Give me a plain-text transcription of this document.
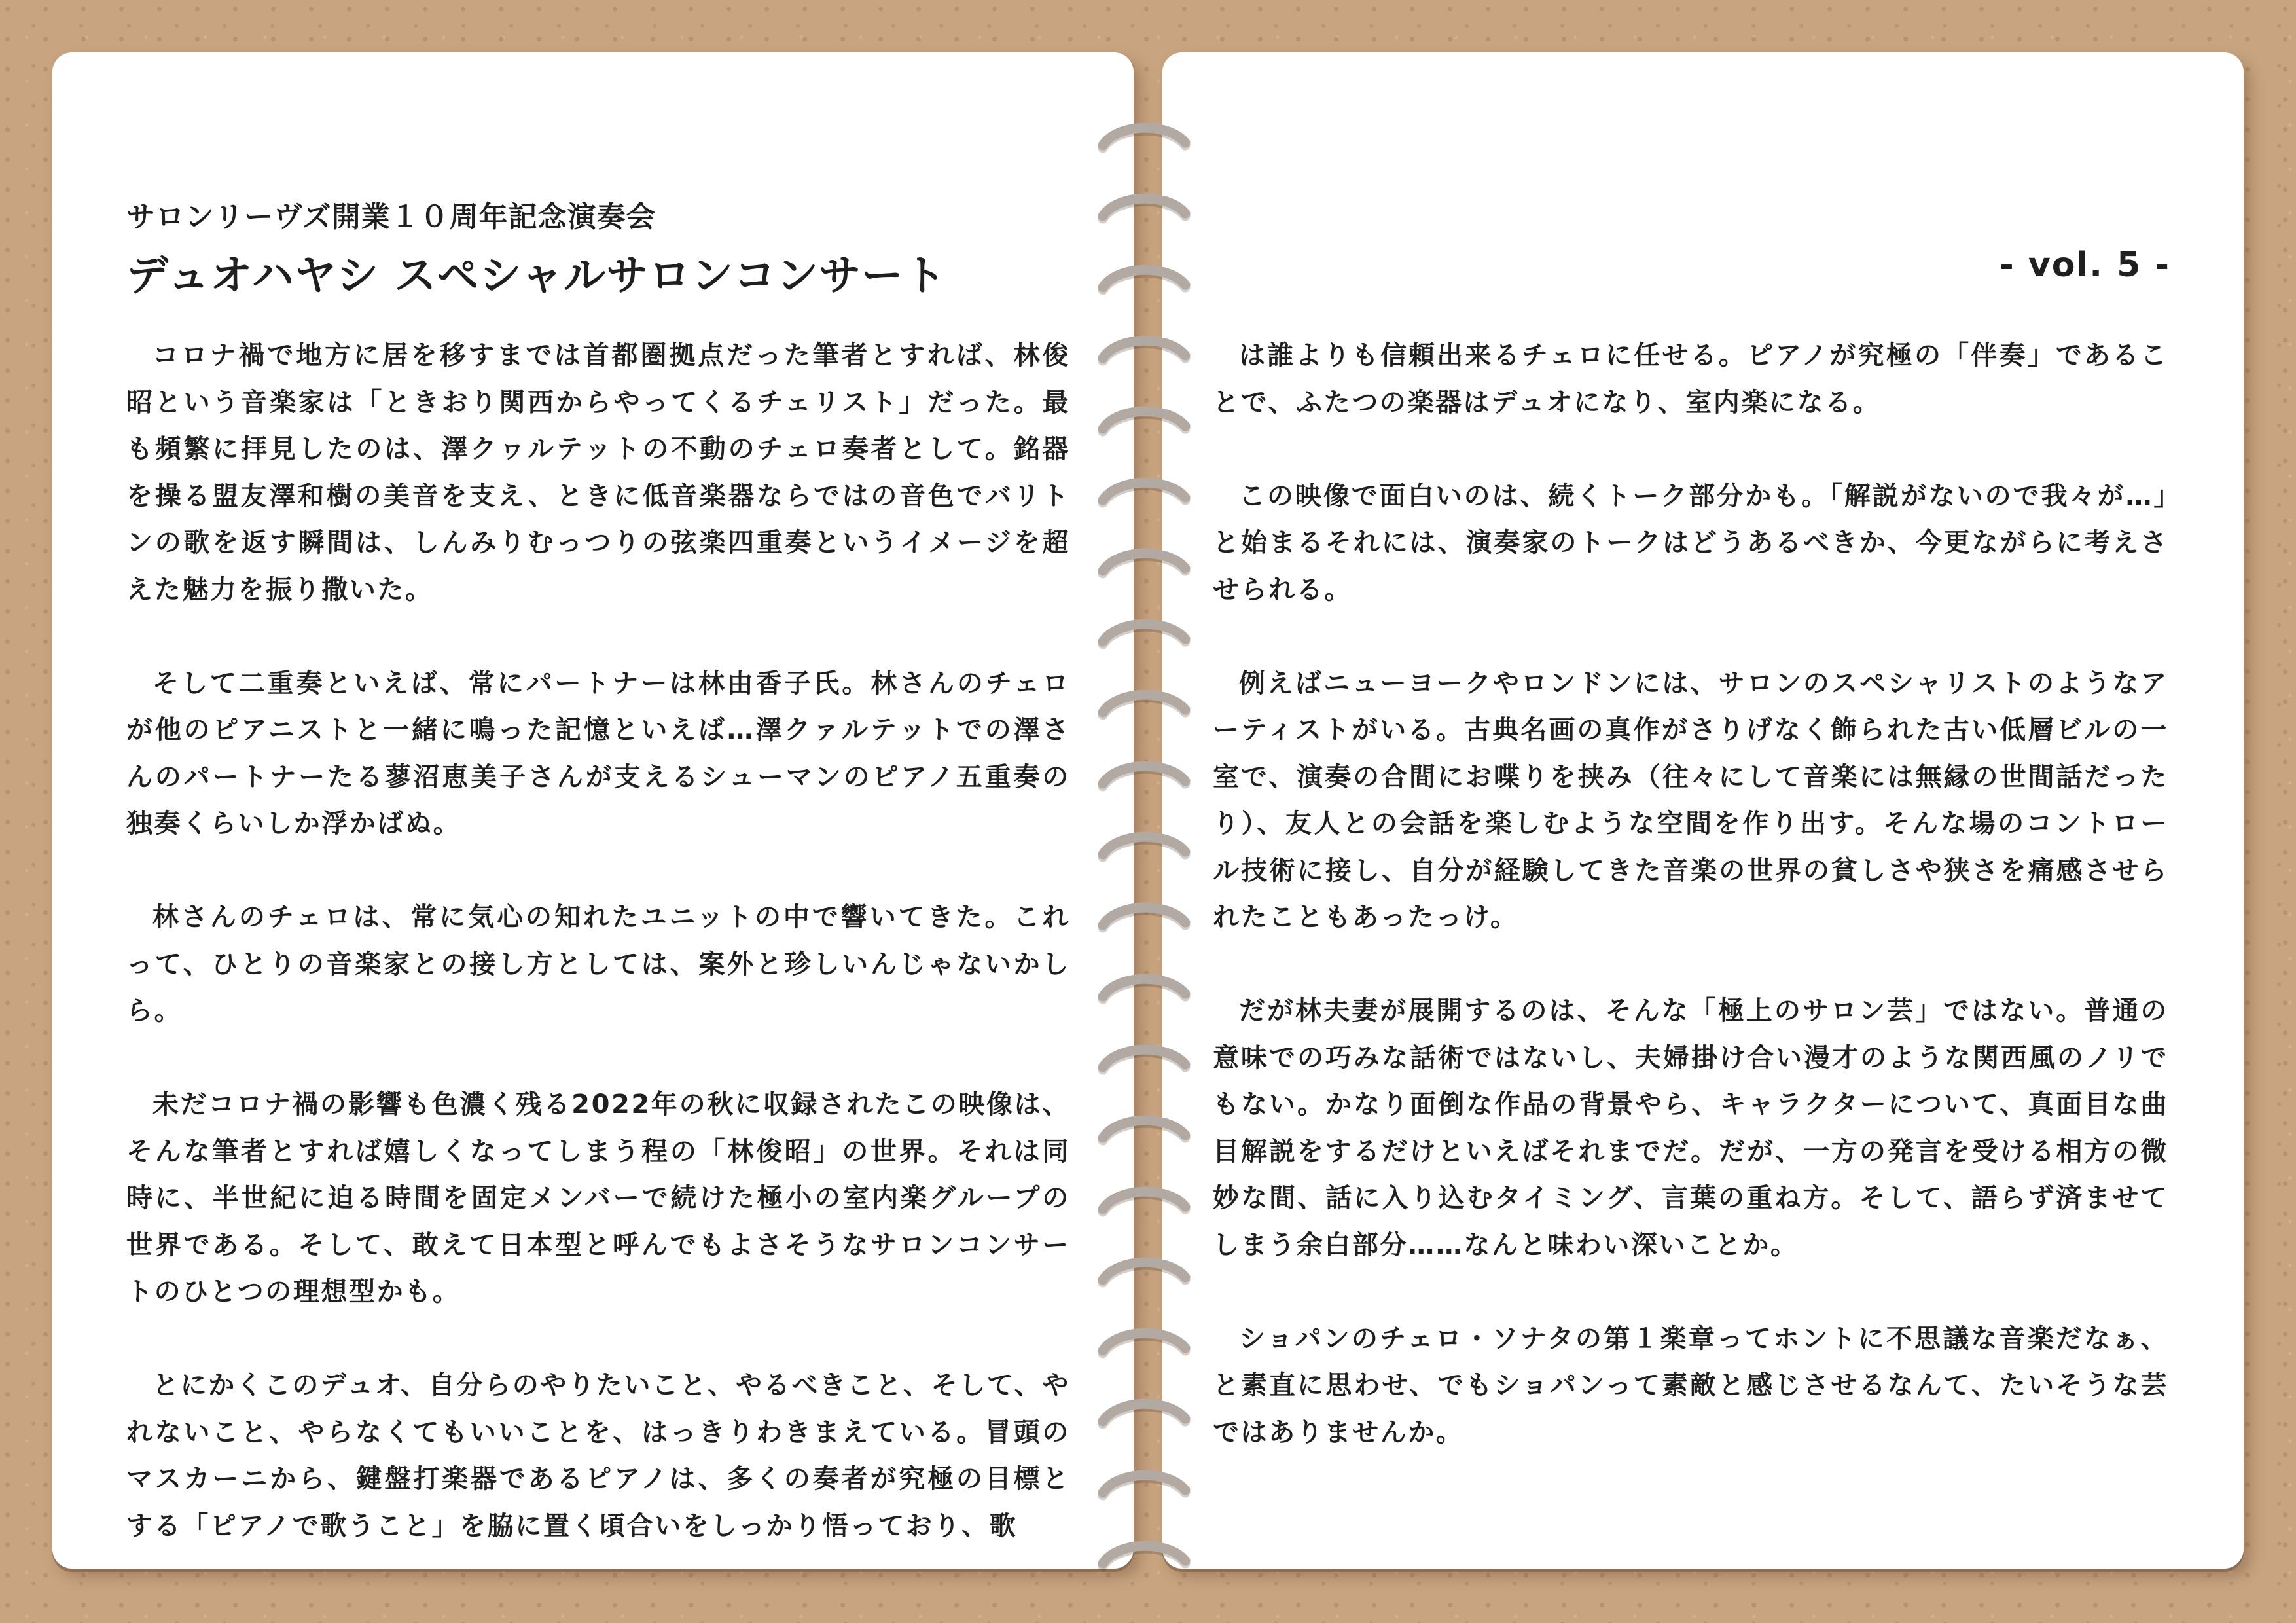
サロンリーヴズ開業１０周年記念演奏会
デュオハヤシ スペシャルサロンコンサート

コロナ禍で地方に居を移すまでは首都圏拠点だった筆者とすれば、林俊昭という音楽家は「ときおり関西からやってくるチェリスト」だった。最も頻繁に拝見したのは、澤クヮルテットの不動のチェロ奏者として。銘器を操る盟友澤和樹の美音を支え、ときに低音楽器ならではの音色でバリトンの歌を返す瞬間は、しんみりむっつりの弦楽四重奏というイメージを超えた魅力を振り撒いた。

そして二重奏といえば、常にパートナーは林由香子氏。林さんのチェロが他のピアニストと一緒に鳴った記憶といえば…澤クァルテットでの澤さんのパートナーたる蓼沼恵美子さんが支えるシューマンのピアノ五重奏の独奏くらいしか浮かばぬ。

林さんのチェロは、常に気心の知れたユニットの中で響いてきた。これって、ひとりの音楽家との接し方としては、案外と珍しいんじゃないかしら。

未だコロナ禍の影響も色濃く残る2022年の秋に収録されたこの映像は、そんな筆者とすれば嬉しくなってしまう程の「林俊昭」の世界。それは同時に、半世紀に迫る時間を固定メンバーで続けた極小の室内楽グループの世界である。そして、敢えて日本型と呼んでもよさそうなサロンコンサートのひとつの理想型かも。

とにかくこのデュオ、自分らのやりたいこと、やるべきこと、そして、やれないこと、やらなくてもいいことを、はっきりわきまえている。冒頭のマスカーニから、鍵盤打楽器であるピアノは、多くの奏者が究極の目標とする「ピアノで歌うこと」を脇に置く頃合いをしっかり悟っており、歌

- vol. 5 -

は誰よりも信頼出来るチェロに任せる。ピアノが究極の「伴奏」であることで、ふたつの楽器はデュオになり、室内楽になる。

この映像で面白いのは、続くトーク部分かも。「解説がないので我々が…」と始まるそれには、演奏家のトークはどうあるべきか、今更ながらに考えさせられる。

例えばニューヨークやロンドンには、サロンのスペシャリストのようなアーティストがいる。古典名画の真作がさりげなく飾られた古い低層ビルの一室で、演奏の合間にお喋りを挟み（往々にして音楽には無縁の世間話だったり）、友人との会話を楽しむような空間を作り出す。そんな場のコントロール技術に接し、自分が経験してきた音楽の世界の貧しさや狭さを痛感させられたこともあったっけ。

だが林夫妻が展開するのは、そんな「極上のサロン芸」ではない。普通の意味での巧みな話術ではないし、夫婦掛け合い漫才のような関西風のノリでもない。かなり面倒な作品の背景やら、キャラクターについて、真面目な曲目解説をするだけといえばそれまでだ。だが、一方の発言を受ける相方の微妙な間、話に入り込むタイミング、言葉の重ね方。そして、語らず済ませてしまう余白部分……なんと味わい深いことか。

ショパンのチェロ・ソナタの第１楽章ってホントに不思議な音楽だなぁ、と素直に思わせ、でもショパンって素敵と感じさせるなんて、たいそうな芸ではありませんか。
